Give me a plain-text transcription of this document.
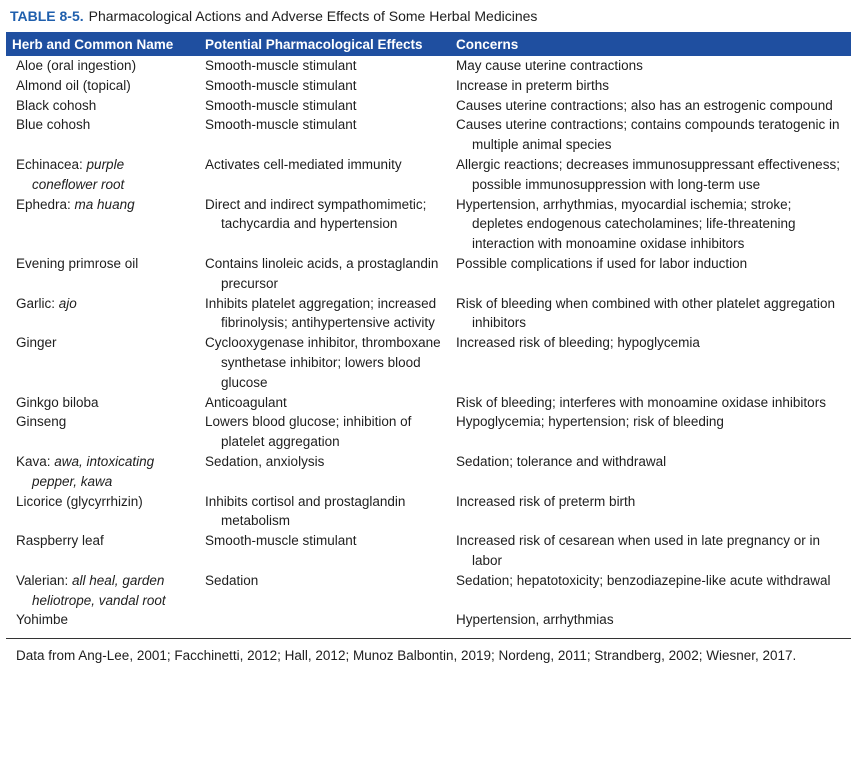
TABLE 8-5. Pharmacological Actions and Adverse Effects of Some Herbal Medicines
Herb and Common Name	Potential Pharmacological Effects	Concerns

Aloe (oral ingestion)	Smooth-muscle stimulant	May cause uterine contractions

Almond oil (topical)	Smooth-muscle stimulant	Increase in preterm births

Black cohosh	Smooth-muscle stimulant	Causes uterine contractions; also has an estrogenic compound

Blue cohosh	Smooth-muscle stimulant	Causes uterine contractions; contains compounds teratogenic in multiple animal species

Echinacea: purple coneflower root	Activates cell-mediated immunity	Allergic reactions; decreases immunosuppressant effectiveness; possible immunosuppression with long-term use

Ephedra: ma huang	Direct and indirect sympathomimetic; tachycardia and hypertension	Hypertension, arrhythmias, myocardial ischemia; stroke; depletes endogenous catecholamines; life-threatening interaction with monoamine oxidase inhibitors

Evening primrose oil	Contains linoleic acids, a prostaglandin precursor	Possible complications if used for labor induction

Garlic: ajo	Inhibits platelet aggregation; increased fibrinolysis; antihypertensive activity	Risk of bleeding when combined with other platelet aggregation inhibitors

Ginger	Cyclooxygenase inhibitor, thromboxane synthetase inhibitor; lowers blood glucose	Increased risk of bleeding; hypoglycemia

Ginkgo biloba	Anticoagulant	Risk of bleeding; interferes with monoamine oxidase inhibitors

Ginseng	Lowers blood glucose; inhibition of platelet aggregation	Hypoglycemia; hypertension; risk of bleeding

Kava: awa, intoxicating pepper, kawa	Sedation, anxiolysis	Sedation; tolerance and withdrawal

Licorice (glycyrrhizin)	Inhibits cortisol and prostaglandin metabolism	Increased risk of preterm birth

Raspberry leaf	Smooth-muscle stimulant	Increased risk of cesarean when used in late pregnancy or in labor

Valerian: all heal, garden heliotrope, vandal root	Sedation	Sedation; hepatotoxicity; benzodiazepine-like acute withdrawal

Yohimbe		Hypertension, arrhythmias
Data from Ang-Lee, 2001; Facchinetti, 2012; Hall, 2012; Munoz Balbontin, 2019; Nordeng, 2011; Strandberg, 2002; Wiesner, 2017.
